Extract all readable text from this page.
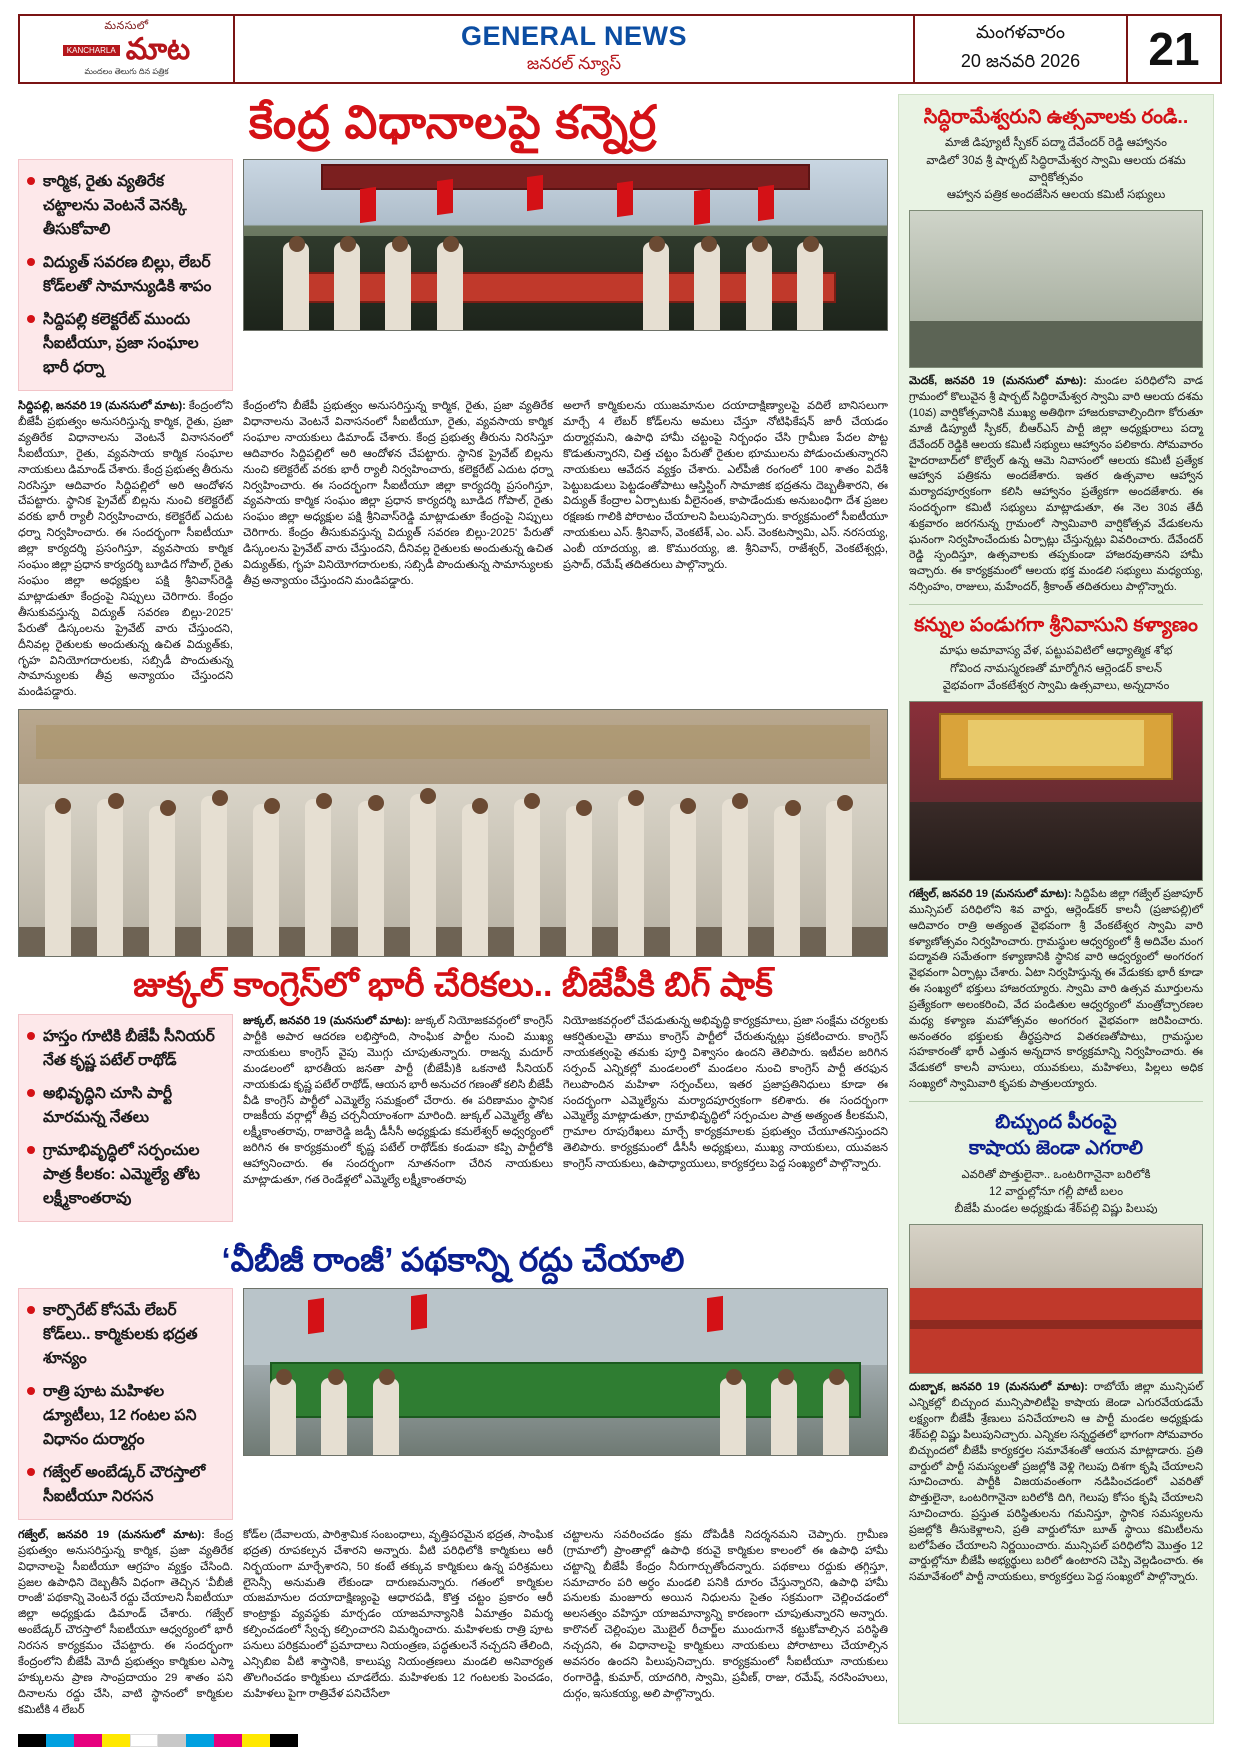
మనసులో
KANCHARLA మాట
మందలం తెలుగు దిన పత్రిక
GENERAL NEWS
జనరల్ న్యూస్
మంగళవారం
20 జనవరి 2026	21
కేంద్ర విధానాలపై కన్నెర్ర
కార్మిక, రైతు వ్యతిరేక చట్టాలను వెంటనే వెనక్కి తీసుకోవాలి
విద్యుత్ సవరణ బిల్లు, లేబర్ కోడ్‌లతో సామాన్యుడికి శాపం
సిద్దిపల్లి కలెక్టరేట్ ముందు సీఐటీయూ, ప్రజా సంఘాల భారీ ధర్నా
సిద్దిపల్లి, జనవరి 19 (మనసులో మాట): కేంద్రంలోని బీజేపీ ప్రభుత్వం అనుసరిస్తున్న కార్మిక, రైతు, ప్రజా వ్యతిరేక విధానాలను వెంటనే వినాసనంలో సీఐటీయూ, రైతు, వ్యవసాయ కార్మిక సంఘాల నాయకులు డిమాండ్ చేశారు. కేంద్ర ప్రభుత్వ తీరును నిరసిస్తూ ఆదివారం సిద్దిపల్లిలో అరి ఆందోళన చేపట్టారు. స్థానిక ప్రైవేట్ బిల్లను నుంచి కలెక్టరేట్ వరకు భారీ ర్యాలీ నిర్వహించారు, కలెక్టరేట్ ఎదుట ధర్నా నిర్వహించారు. ఈ సందర్భంగా సీఐటీయూ జిల్లా కార్యదర్శి ప్రసంగిస్తూ, వ్యవసాయ కార్మిక సంఘం జిల్లా ప్రధాన కార్యదర్శి బూడిద గోపాల్, రైతు సంఘం జిల్లా అధ్యక్షుల పక్షి శ్రీనివాస్‌రెడ్డి మాట్లాడుతూ కేంద్రంపై నిప్పులు చెరిగారు. కేంద్రం తీసుకువస్తున్న విద్యుత్ సవరణ బిల్లు-2025' పేరుతో డిస్కంలను ప్రైవేట్ వారు చేస్తుందని, దీనివల్ల రైతులకు అందుతున్న ఉచిత విద్యుత్‌కు, గృహ వినియోగదారులకు, సబ్సిడీ పొందుతున్న సామాన్యులకు తీవ్ర అన్యాయం చేస్తుందని మండిపడ్డారు.
కేంద్రంలోని బీజేపీ ప్రభుత్వం అనుసరిస్తున్న కార్మిక, రైతు, ప్రజా వ్యతిరేక విధానాలను వెంటనే వినాసనంలో సీఐటీయూ, రైతు, వ్యవసాయ కార్మిక సంఘాల నాయకులు డిమాండ్ చేశారు. కేంద్ర ప్రభుత్వ తీరును నిరసిస్తూ ఆదివారం సిద్దిపల్లిలో అరి ఆందోళన చేపట్టారు. స్థానిక ప్రైవేట్ బిల్లను నుంచి కలెక్టరేట్ వరకు భారీ ర్యాలీ నిర్వహించారు, కలెక్టరేట్ ఎదుట ధర్నా నిర్వహించారు. ఈ సందర్భంగా సీఐటీయూ జిల్లా కార్యదర్శి ప్రసంగిస్తూ, వ్యవసాయ కార్మిక సంఘం జిల్లా ప్రధాన కార్యదర్శి బూడిద గోపాల్, రైతు సంఘం జిల్లా అధ్యక్షుల పక్షి శ్రీనివాస్‌రెడ్డి మాట్లాడుతూ కేంద్రంపై నిప్పులు చెరిగారు. కేంద్రం తీసుకువస్తున్న విద్యుత్ సవరణ బిల్లు-2025' పేరుతో డిస్కంలను ప్రైవేట్ వారు చేస్తుందని, దీనివల్ల రైతులకు అందుతున్న ఉచిత విద్యుత్‌కు, గృహ వినియోగదారులకు, సబ్సిడీ పొందుతున్న సామాన్యులకు తీవ్ర అన్యాయం చేస్తుందని మండిపడ్డారు.
అలాగే కార్మికులను యుజమానుల దయాదాక్షిణ్యాలపై వదిలే బానిసలుగా మార్చే 4 లేబర్ కోడ్‌లను అమలు చేస్తూ నోటిఫికేషన్ జారీ చేయడం దుర్మార్గమని, ఉపాధి హామీ చట్టంపై నిర్బంధం చేసి గ్రామీణ పేదల పొట్ట కొడుతున్నారని, చిత్త చట్టం పేరుతో రైతుల భూములను పోడుంచుతున్నారని నాయకులు ఆవేదన వ్యక్తం చేశారు. ఎల్‌పీజీ రంగంలో 100 శాతం విదేశీ పెట్టుబడులు పెట్టడంతోపాటు ఆస్తిస్టింగ్ సామాజిక భద్రతను దెబ్బతీశారని, ఈ విద్యుత్ కేంద్రాల ఏర్పాటుకు వీలైనంత, కాపాడేందుకు అనుబంధిగా దేశ ప్రజల రక్షణకు గాలికి పోరాటం చేయాలని పిలుపునిచ్చారు. కార్యక్రమంలో సీఐటీయూ నాయకులు ఎస్. శ్రీనివాస్, వెంకటేశ్, ఎం. ఎస్. వెంకటస్వామి, ఎస్. నరసయ్య, ఎంబీ యాదయ్య, జి. కొమురయ్య, జి. శ్రీనివాస్, రాజేశ్వర్, వెంకటేశ్వర్లు, ప్రసాద్, రమేష్ తదితరులు పాల్గొన్నారు.
జుక్కల్ కాంగ్రెస్‌లో భారీ చేరికలు.. బీజేపీకి బిగ్ షాక్
హస్తం గూటికి బీజేపీ సీనియర్ నేత కృష్ణ పటేల్ రాథోడ్
అభివృద్ధిని చూసి పార్టీ మారమన్న నేతలు
గ్రామాభివృద్ధిలో సర్పంచుల పాత్ర కీలకం: ఎమ్మెల్యే తోట లక్ష్మీకాంతరావు
జుక్కల్, జనవరి 19 (మనసులో మాట): జుక్కల్ నియోజకవర్గంలో కాంగ్రెస్ పార్టీకి అపార ఆదరణ లభిస్తోంది, సాంఘిక పార్టీల నుంచి ముఖ్య నాయకులు కాంగ్రెస్ వైపు మొగ్గు చూపుతున్నారు. రాజన్న మదూర్ మండలంలో భారతీయ జనతా పార్టీ (బీజేపీ)కి ఒకనాటి సీనియర్ నాయకుడు కృష్ణ పటేల్ రాథోడ్, ఆయన భారీ అనుచర గణంతో కలిసి బీజేపీ వీడి కాంగ్రెస్ పార్టీలో ఎమ్మెల్యే సమక్షంలో చేరారు. ఈ పరిణామం స్థానిక రాజకీయ వర్గాల్లో తీవ్ర చర్చనీయాంశంగా మారింది. జుక్కల్ ఎమ్మెల్యే తోట లక్ష్మీకాంతరావు, రాజారెడ్డి జడ్పీ డీసీసీ అధ్యక్షుడు కమలేశ్వర్ అధ్వర్యంలో జరిగిన ఈ కార్యక్రమంలో కృష్ణ పటేల్ రాథోడ్‌కు కండువా కప్పి పార్టీలోకి ఆహ్వానించారు. ఈ సందర్భంగా నూతనంగా చేరిన నాయకులు మాట్లాడుతూ, గత రెండేళ్లలో ఎమ్మెల్యే లక్ష్మీకాంతరావు
నియోజకవర్గంలో చేపడుతున్న అభివృద్ధి కార్యక్రమాలు, ప్రజా సంక్షేమ చర్యలకు ఆకర్షితులమై తాము కాంగ్రెస్ పార్టీలో చేరుతున్నట్లు ప్రకటించారు. కాంగ్రెస్ నాయకత్వంపై తమకు పూర్తి విశ్వాసం ఉందని తెలిపారు. ఇటీవల జరిగిన సర్పంచ్ ఎన్నికల్లో మండలంలో మండలం నుంచి కాంగ్రెస్ పార్టీ తరఫున గెలుపొందిన మహిళా సర్పంచ్‌లు, ఇతర ప్రజాప్రతినిధులు కూడా ఈ సందర్భంగా ఎమ్మెల్యేను మర్యాదపూర్వకంగా కలిశారు. ఈ సందర్భంగా ఎమ్మెల్యే మాట్లాడుతూ, గ్రామాభివృద్ధిలో సర్పంచుల పాత్ర అత్యంత కీలకమని, గ్రామాల రూపురేఖలు మార్చే కార్యక్రమాలకు ప్రభుత్వం చేయూతనిస్తుందని తెలిపారు. కార్యక్రమంలో డీసీసీ అధ్యక్షులు, ముఖ్య నాయకులు, యువజన కాంగ్రెస్ నాయకులు, ఉపాధ్యాయులు, కార్యకర్తలు పెద్ద సంఖ్యలో పాల్గొన్నారు.
‘వీబీజీ రాంజీ’ పథకాన్ని రద్దు చేయాలి
కార్పొరేట్ కోసమే లేబర్ కోడ్‌లు.. కార్మికులకు భద్రత శూన్యం
రాత్రి పూట మహిళల డ్యూటీలు, 12 గంటల పని విధానం దుర్మార్గం
గజ్వేల్ అంబేడ్కర్ చౌరస్తాలో సీఐటీయూ నిరసన
గజ్వేల్, జనవరి 19 (మనసులో మాట): కేంద్ర ప్రభుత్వం అనుసరిస్తున్న కార్మిక, ప్రజా వ్యతిరేక విధానాలపై సీఐటీయూ ఆగ్రహం వ్యక్తం చేసింది. ప్రజల ఉపాధిని దెబ్బతీసే విధంగా తెచ్చిన ‘వీబీజీ రాంజీ’ పథకాన్ని వెంటనే రద్దు చేయాలని సీఐటీయూ జిల్లా అధ్యక్షుడు డిమాండ్ చేశారు. గజ్వేల్ అంబేడ్కర్ చౌరస్తాలో సీఐటీయూ ఆధ్వర్యంలో భారీ నిరసన కార్యక్రమం చేపట్టారు. ఈ సందర్భంగా కేంద్రంలోని బీజేపీ మోదీ ప్రభుత్వం కార్మికుల ఎస్మా హక్కులను ప్రాణ సాంప్రదాయం 29 శాతం పని దినాలను రద్దు చేసి, వాటి స్థానంలో కార్మికుల కమిటీకి 4 లేబర్
కోడ్‌ల (దేవాలయ, పారిశ్రామిక సంబంధాలు, వృత్తిపరమైన భద్రత, సాంఘిక భద్రత) రూపకల్పన చేశారని అన్నారు. వీటి పరిధిలోకి కార్మికులు ఆరీ నిర్భయంగా మార్చేశారని, 50 కంటే తక్కువ కార్మికులు ఉన్న పరిశ్రమలు లైసెన్సీ అనుమతి లేకుండా దారుణమన్నారు. గతంలో కార్మికుల యజమానుల దయాదాక్షిణ్యంపై ఆధారపడి, కొత్త చట్టం ప్రకారం ఆరీ కాంట్రాక్టు వ్యవస్థకు మార్చడం యాజమాన్యానికి ఏమాత్రం విమర్శ కల్పించడంలో స్వేచ్ఛ కల్పించారని విమర్శించారు. మహిళలకు రాత్రి పూట పనులు పరిక్రమంలో ప్రమాదాలు నియంత్రణ, పద్ధతులనే నచ్చదని తేలింది, ఎన్సిబిఐ వీటి శాస్త్రానికి, కాలుష్య నియంత్రణలు మండలి అనివార్యత తొలగించడం కార్మికులు చూడలేదు. మహిళలకు 12 గంటలకు పెంచడం, మహిళలు పైగా రాత్రివేళ పనిచేసేలా
చట్టాలను సవరించడం క్రమ దోపిడీకి నిదర్శనమని చెప్పారు. గ్రామీణ (గ్రామాలో) ప్రాంతాల్లో ఉపాధి కరువై కార్మికుల కాలంలో ఈ ఉపాధి హామీ చట్టాన్ని బీజేపీ కేంద్రం నీరుగార్చుతోందన్నారు. పథకాలు రద్దుకు తగ్గిస్తూ, సమాచారం పరి అర్ధం మండలి పనికి దూరం చేస్తున్నారని, ఉపాధి హామీ పనులకు మంజూరు అయిన నిధులను సైతం సక్రమంగా చెల్లించడంలో అలసత్వం వహిస్తూ యాజమాన్యాన్ని కారణంగా చూపుతున్నారని అన్నారు. కారొనల్ చెల్లింపుల మొబైల్ రీచార్జ్‌ల ముందుగానే కట్టుకోవాల్సిన పరిస్థితి నచ్చదని, ఈ విధానాలపై కార్మికులు నాయకులు పోరాటాలు చేయాల్సిన అవసరం ఉందని పిలుపునిచ్చారు. కార్యక్రమంలో సీఐటీయూ నాయకులు రంగారెడ్డి, కుమార్, యాదగిరి, స్వామి, ప్రవీణ్, రాజు, రమేష్, నరసింహులు, దుర్గం, ఇసుకయ్య, అలి పాల్గొన్నారు.
సిద్ధిరామేశ్వరుని ఉత్సవాలకు రండి..
మాజీ డిప్యూటీ స్పీకర్ పద్మా దేవేందర్ రెడ్డి ఆహ్వానం
వాడిలో 30వ శ్రీ షార్బట్ సిద్ధిరామేశ్వర స్వామి ఆలయ దశమ వార్షికోత్సవం
ఆహ్వాన పత్రిక అందజేసిన ఆలయ కమిటీ సభ్యులు
మెదక్, జనవరి 19 (మనసులో మాట): మండల పరిధిలోని వాడ గ్రామంలో కొలువైన శ్రీ షార్బట్ సిద్ధిరామేశ్వర స్వామి వారి ఆలయ దశమ (10వ) వార్షికోత్సవానికి ముఖ్య అతిథిగా హాజరుకావాల్సిందిగా కోరుతూ మాజీ డిప్యూటీ స్పీకర్, బీఆర్ఎస్ పార్టీ జిల్లా అధ్యక్షురాలు పద్మా దేవేందర్ రెడ్డికి ఆలయ కమిటీ సభ్యులు ఆహ్వానం పలికారు. సోమవారం హైదరాబాద్‌లో కొల్వేల్ ఉన్న ఆమె నివాసంలో ఆలయ కమిటీ ప్రత్యేక ఆహ్వాన పత్రికను అందజేశారు. ఇతర ఉత్సవాల ఆహ్వాన మర్యాదపూర్వకంగా కలిసి ఆహ్వానం ప్రత్యేకగా అందజేశారు. ఈ సందర్భంగా కమిటీ సభ్యులు మాట్లాడుతూ, ఈ నెల 30వ తేదీ శుక్రవారం జరగనున్న గ్రామంలో స్వామివారి వార్షికోత్సవ వేడుకలను ఘనంగా నిర్వహించేందుకు ఏర్పాట్లు చేస్తున్నట్లు వివరించారు. దేవేందర్ రెడ్డి స్పందిస్తూ, ఉత్సవాలకు తప్పకుండా హాజరవుతానని హామీ ఇచ్చారు. ఈ కార్యక్రమంలో ఆలయ భక్త మండలి సభ్యులు మధ్యయ్య, నర్సింహం, రాజులు, మహేందర్, శ్రీకాంత్ తదితరులు పాల్గొన్నారు.
కన్నుల పండుగగా శ్రీనివాసుని కళ్యాణం
మాఘ అమావాస్య వేళ, పట్టుపవిటిలో ఆధ్యాత్మిక శోభ
గోవింద నామస్మరణతో మార్మోగిన ఆర్లెండర్ కాలన్
వైభవంగా వేంకటేశ్వర స్వామి ఉత్సవాలు, అన్నదానం
గజ్వేల్, జనవరి 19 (మనసులో మాట): సిద్దిపేట జిల్లా గజ్వేల్ ప్రజాపూర్ మున్సిపల్ పరిధిలోని శివ వార్డు, ఆర్లెండ్‌కర్ కాలనీ (ప్రజాపల్లి)లో ఆదివారం రాత్రి అత్యంత వైభవంగా శ్రీ వేంకటేశ్వర స్వామి వారి కళ్యాణోత్సవం నిర్వహించారు. గ్రామస్థుల ఆధ్వర్యంలో శ్రీ అదివేల మంగ పద్మావతి సమేతంగా కళ్యాణానికి స్థానిక వారి ఆధ్వర్యంలో అంగరంగ వైభవంగా ఏర్పాట్లు చేశారు. ఏటా నిర్వహిస్తున్న ఈ వేడుకకు భారీ కూడా ఈ సంఖ్యలో భక్తులు హాజరయ్యారు. స్వామి వారి ఉత్సవ మూర్తులను ప్రత్యేకంగా అలంకరించి, వేద పండితుల ఆధ్వర్యంలో మంత్రోచ్చారణల మధ్య కళ్యాణ మహోత్సవం అంగరంగ వైభవంగా జరిపించారు. అనంతరం భక్తులకు తీర్థప్రసాద వితరణతోపాటు, గ్రామస్థుల సహకారంతో భారీ ఎత్తున అన్నదాన కార్యక్రమాన్ని నిర్వహించారు. ఈ వేడుకలో కాలనీ వాసులు, యువకులు, మహిళలు, పిల్లలు అధిక సంఖ్యలో స్వామివారి కృపకు పాత్రులయ్యారు.
బిచ్చుంద పీరంపై
కాషాయ జెండా ఎగరాలి
ఎవరితో పొత్తులైనా.. ఒంటరిగానైనా బరిలోకి
12 వార్డుల్లోనూ గల్లీ పోటీ బలం
బీజేపీ మండల అధ్యక్షుడు శేఠ్‌పల్లి విష్ణు పిలుపు
దుబ్బాక, జనవరి 19 (మనసులో మాట): రాబోయే జిల్లా మున్సిపల్ ఎన్నికల్లో బిచ్చుంద మున్సిపాలిటీపై కాషాయ జెండా ఎగురవేయడమే లక్ష్యంగా బీజేపీ శ్రేణులు పనిచేయాలని ఆ పార్టీ మండల అధ్యక్షుడు శేఠ్‌పల్లి విష్ణు పిలుపునిచ్చారు. ఎన్నికల సన్నద్ధతలో భాగంగా సోమవారం బిచ్చుందలో బీజేపీ కార్యకర్తల సమావేశంతో ఆయన మాట్లాడారు. ప్రతి వార్డులో పార్టీ సమస్యలతో ప్రజల్లోకి వెళ్లి గెలుపు దిశగా కృషి చేయాలని సూచించారు. పార్టీకి విజయవంతంగా నడిపించడంలో ఎవరితో పొత్తులైనా, ఒంటరిగానైనా బరిలోకి దిగి, గెలుపు కోసం కృషి చేయాలని సూచించారు. ప్రస్తుత పరిస్థితులను గమనిస్తూ, స్థానిక సమస్యలను ప్రజల్లోకి తీసుకెళ్లాలని, ప్రతి వార్డులోనూ బూత్ స్థాయి కమిటీలను బలోపేతం చేయాలని నిర్ణయించారు. మున్సిపల్ పరిధిలోని మొత్తం 12 వార్డుల్లోనూ బీజేపీ అభ్యర్థులు బరిలో ఉంటారని చెప్పి వెల్లడించారు. ఈ సమావేశంలో పార్టీ నాయకులు, కార్యకర్తలు పెద్ద సంఖ్యలో పాల్గొన్నారు.
